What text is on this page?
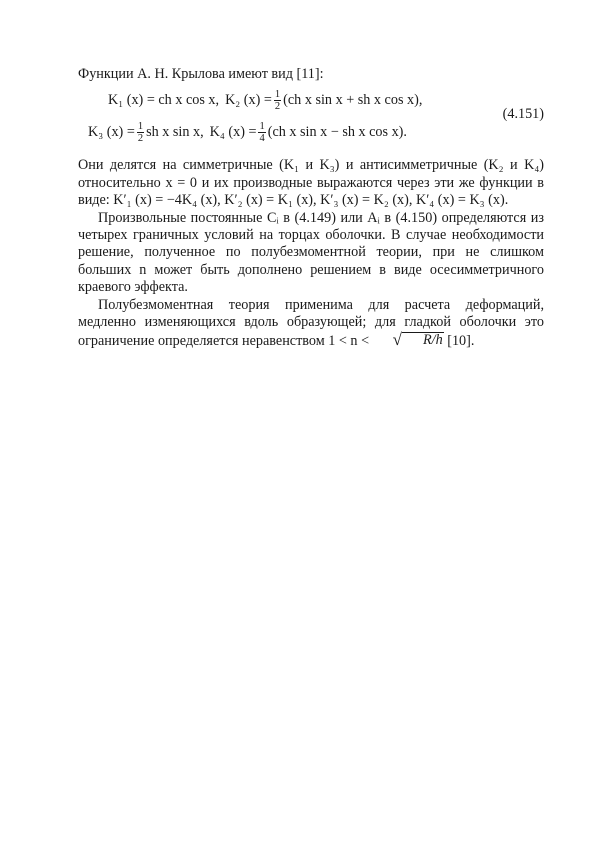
Функции А. Н. Крылова имеют вид [11]:
K₁ (x) = ch x cos x, K₂ $(x) = \frac{1}{2} (ch$ x sin x + sh x cos x),
K₃ $(x) = \frac{1}{2}$ sh x sin x, K₄ $(x) = \frac{1}{4} (ch$ x sin x − sh x cos x).
(4.151)
Они делятся на симметричные (K₁ и K₃) и антисимметричные (K₂ и K₄) относительно x = 0 и их производные выражаются через эти же функции в виде: K′₁ (x) = −4K₄ (x), K′₂ (x) = K₁ (x), K′₃ (x) = K₂ (x), K′₄ (x) = K₃ (x).
Произвольные постоянные Cᵢ в (4.149) или Aᵢ в (4.150) определяются из четырех граничных условий на торцах оболочки. В случае необходимости решение, полученное по полубезмоментной теории, при не слишком больших n может быть дополнено решением в виде осесимметричного краевого эффекта.
Полубезмоментная теория применима для расчета деформаций, медленно изменяющихся вдоль образующей; для гладкой оболочки это ограничение определяется неравенством 1 < n <	√	R/h [10].
